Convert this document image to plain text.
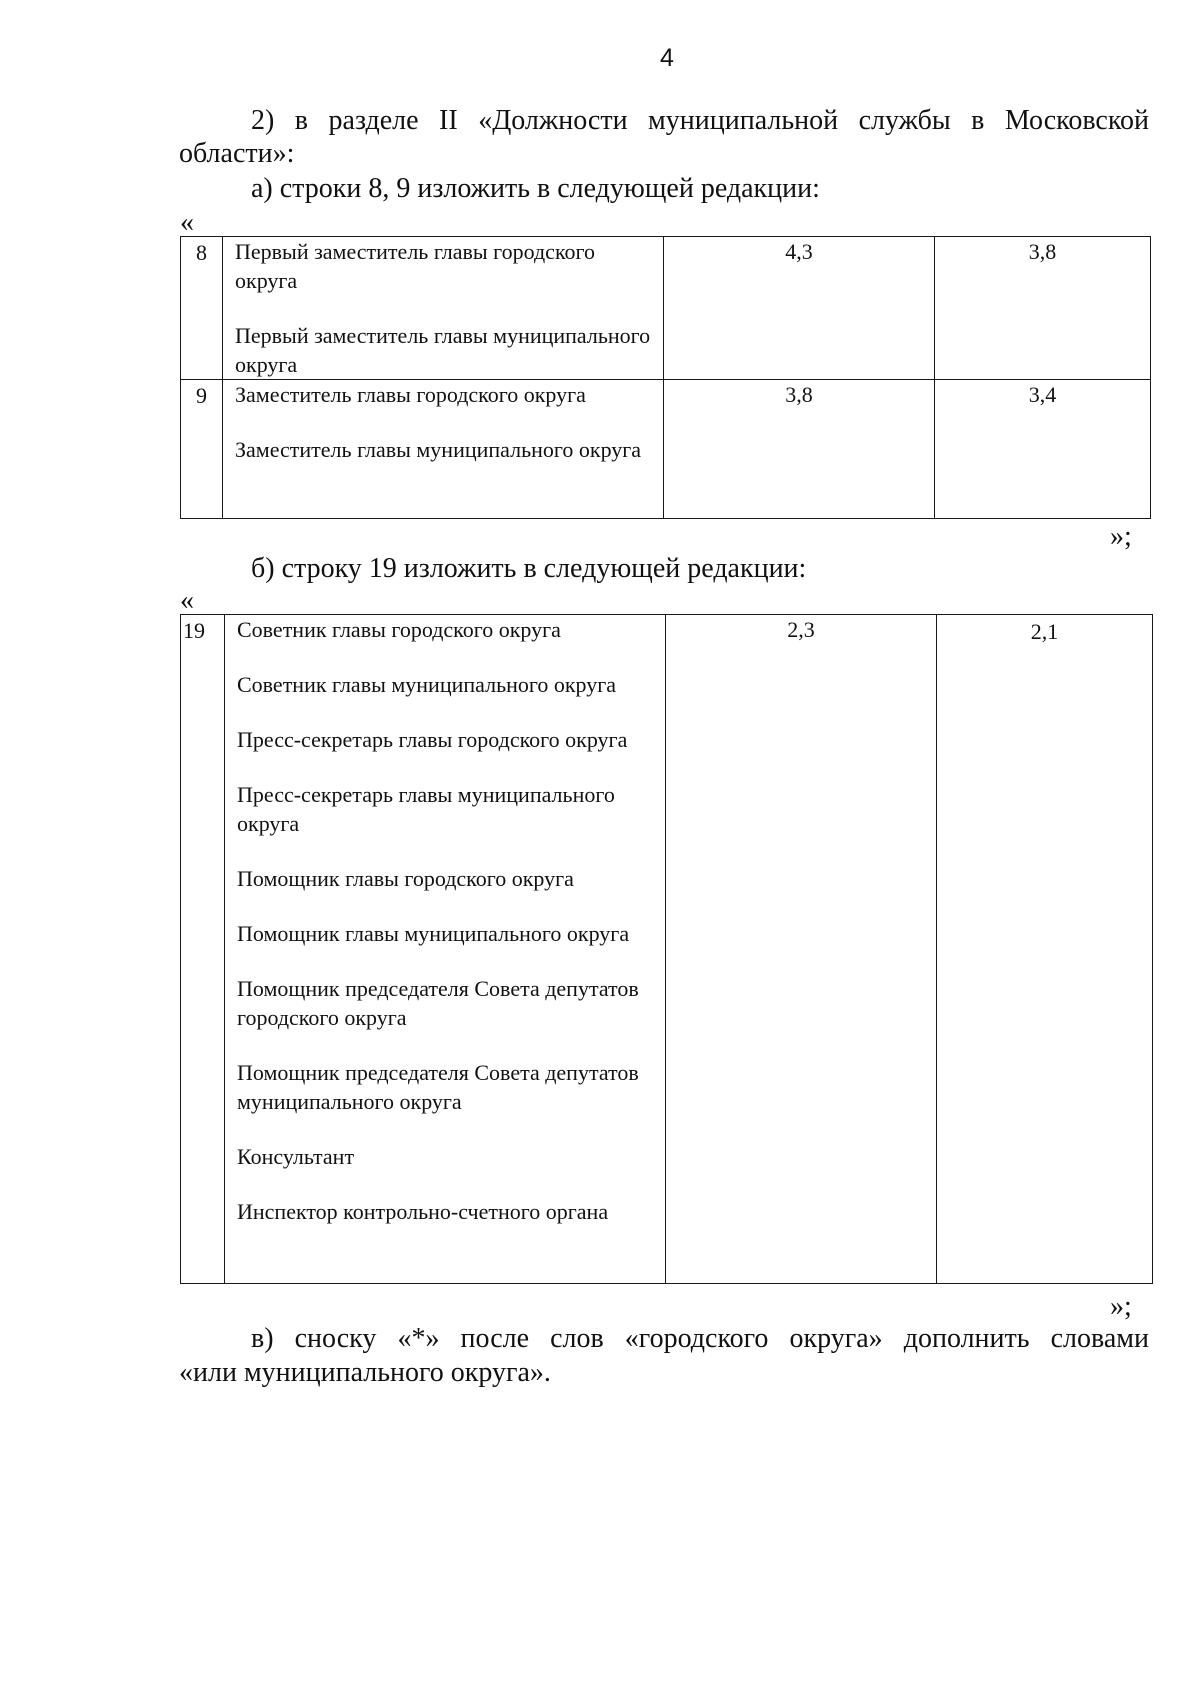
4
2) в разделе II «Должности муниципальной службы в Московской
области»:
а) строки 8, 9 изложить в следующей редакции:
«
8	Первый заместитель главы городского округа
Первый заместитель главы муниципального округа	4,3	3,8
9	Заместитель главы городского округа
Заместитель главы муниципального округа	3,8	3,4
»;
б) строку 19 изложить в следующей редакции:
«
19	Советник главы городского округа
Советник главы муниципального округа
Пресс-секретарь главы городского округа
Пресс-секретарь главы муниципального округа
Помощник главы городского округа
Помощник главы муниципального округа
Помощник председателя Совета депутатов городского округа
Помощник председателя Совета депутатов муниципального округа
Консультант
Инспектор контрольно-счетного органа
	2,3	2,1
»;
в) сноску «*» после слов «городского округа» дополнить словами
«или муниципального округа».
